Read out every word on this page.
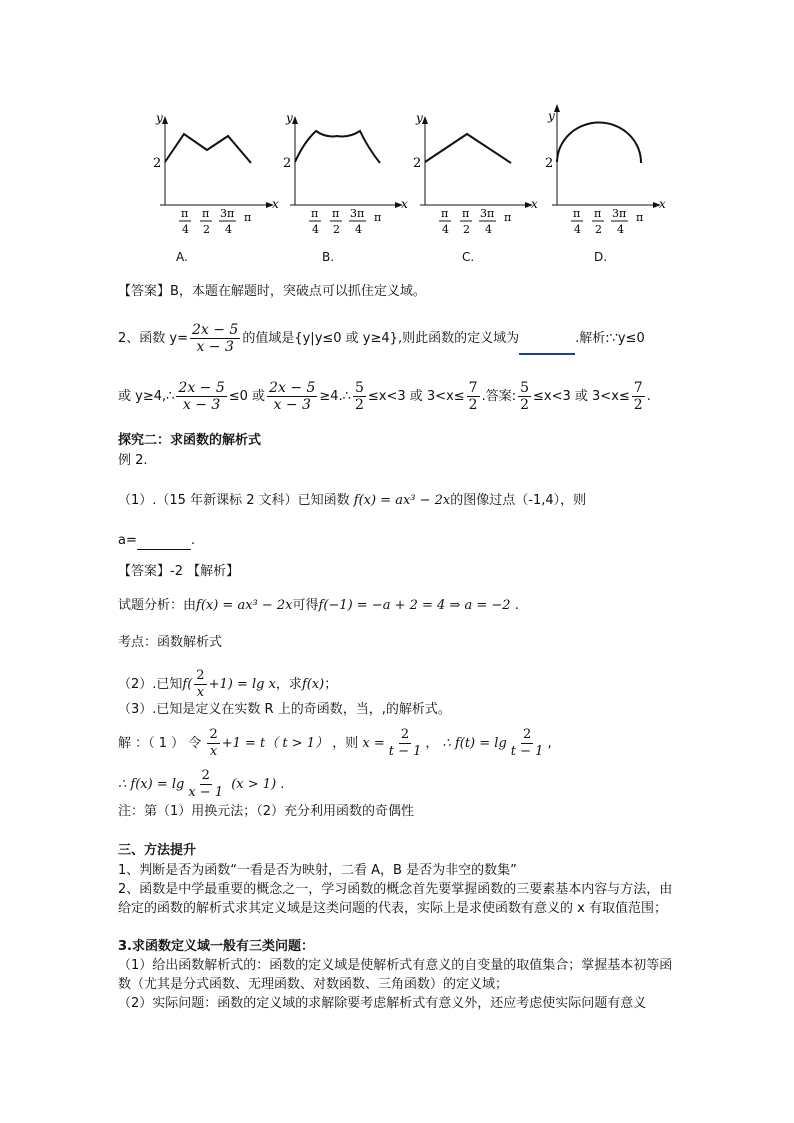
y
x
2
y
x
2
y
x
2
y
x
2
π
4
π
2
3π
4
π	π
4
π
2
3π
4
π	π
4
π
2
3π
4
π	π
4
π
2
3π
4
π
A.	B.	C.	D.
【答案】B，本题在解题时，突破点可以抓住定义域。
2、函数 $y= \frac{2x - 5}{x - 3}$ 的值域是{y|y≤0 或 y≥4},则此函数的定义域为	.解析:∵y≤0
或 y≥4,∴ $\frac{2x - 5}{x - 3} \le 0$ 或 $\frac{2x - 5}{x - 3}$ ≥4.∴ $\frac{5}{2} \le x<3$ 或 $3<x\le \frac{7}{2}$ .答案: $\frac{5}{2} \le x<3$ 或 $3<x\le \frac{7}{2}$ .
探究二：求函数的解析式
例 2.
（1）.（15 年新课标 2 文科）已知函数 f(x) = ax³ − 2x的图像过点（-1,4），则
a=	.
【答案】-2 【解析】
试题分析：由f(x) = ax³ − 2x可得f(−1) = −a + 2 = 4 ⇒ a = −2 .
考点：函数解析式
（2）.已知$f( \frac{2}{x} +1) = \lg x$，求f(x)；
（3）.已知是定义在实数 R 上的奇函数，当，,的解析式。
解 ：（ 1 ） 令 $\frac{2}{x} +1 = t$（ t > 1） ，则 $x = \frac{2}{t - 1}$ ， ∴ $f(t) = \lg \frac{2}{t - 1}$ ,
∴ $f(x) = \lg \frac{2}{x - 1} (x > 1)$ .
注：第（1）用换元法；（2）充分利用函数的奇偶性
三、方法提升
1、判断是否为函数“一看是否为映射，二看 A，B 是否为非空的数集”
2、函数是中学最重要的概念之一，学习函数的概念首先要掌握函数的三要素基本内容与方法，由给定的函数的解析式求其定义域是这类问题的代表，实际上是求使函数有意义的 x 有取值范围；
3.求函数定义域一般有三类问题：
（1）给出函数解析式的：函数的定义域是使解析式有意义的自变量的取值集合；掌握基本初等函数（尤其是分式函数、无理函数、对数函数、三角函数）的定义域；
（2）实际问题：函数的定义域的求解除要考虑解析式有意义外，还应考虑使实际问题有意义
